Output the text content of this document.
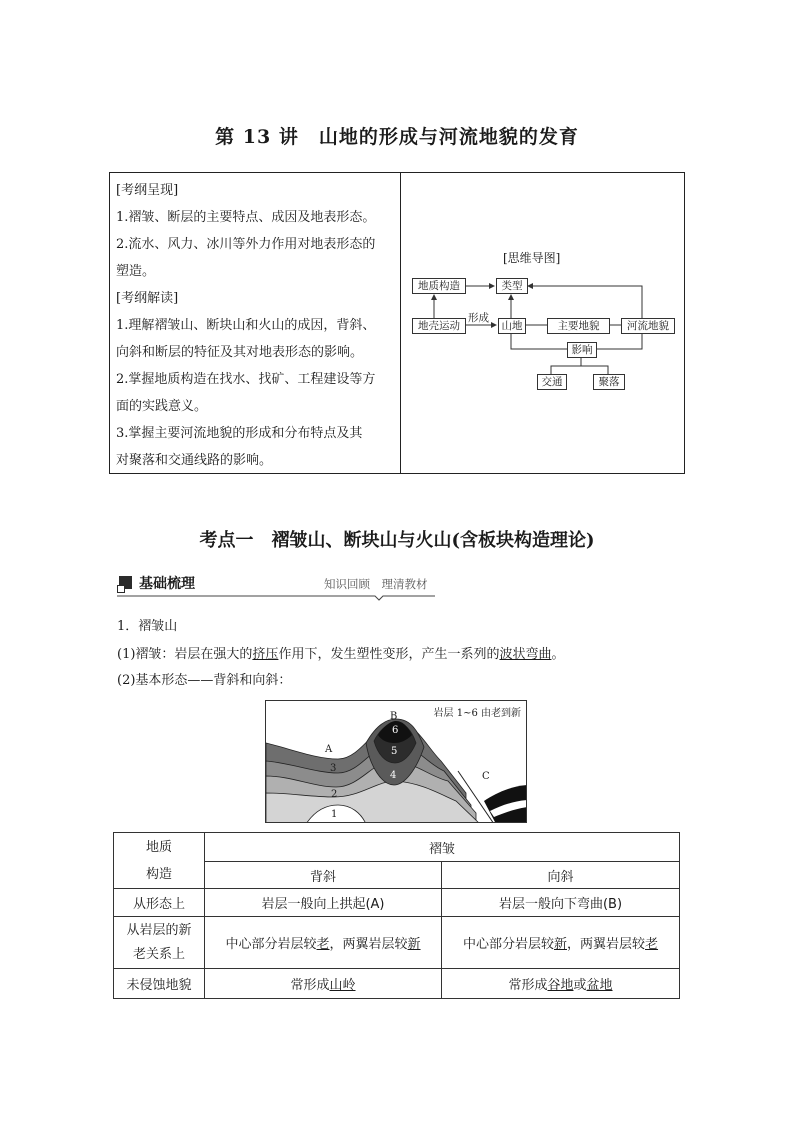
第 13 讲　山地的形成与河流地貌的发育

[考纲呈现]

1.褶皱、断层的主要特点、成因及地表形态。

2.流水、风力、冰川等外力作用对地表形态的

塑造。

[考纲解读]

1.理解褶皱山、断块山和火山的成因，背斜、

向斜和断层的特征及其对地表形态的影响。

2.掌握地质构造在找水、找矿、工程建设等方

面的实践意义。

3.掌握主要河流地貌的形成和分布特点及其

对聚落和交通线路的影响。

[思维导图]
地质构造	类型
地壳运动
形成
山地	主要地貌	河流地貌
影响
交通	聚落
考点一　褶皱山、断块山与火山(含板块构造理论)
基础梳理	知识回顾　理清教材
1．褶皱山
(1)褶皱：岩层在强大的挤压作用下，发生塑性变形，产生一系列的波状弯曲。
(2)基本形态——背斜和向斜：
岩层 1~6 由老到新
B
A
C
6
5
4
3
2
1
地质
构造	褶皱	
	背斜	向斜
从形态上	岩层一般向上拱起(A)	岩层一般向下弯曲(B)

从岩层的新
老关系上	中心部分岩层较老，两翼岩层较新	中心部分岩层较新，两翼岩层较老
未侵蚀地貌	常形成山岭	常形成谷地或盆地
